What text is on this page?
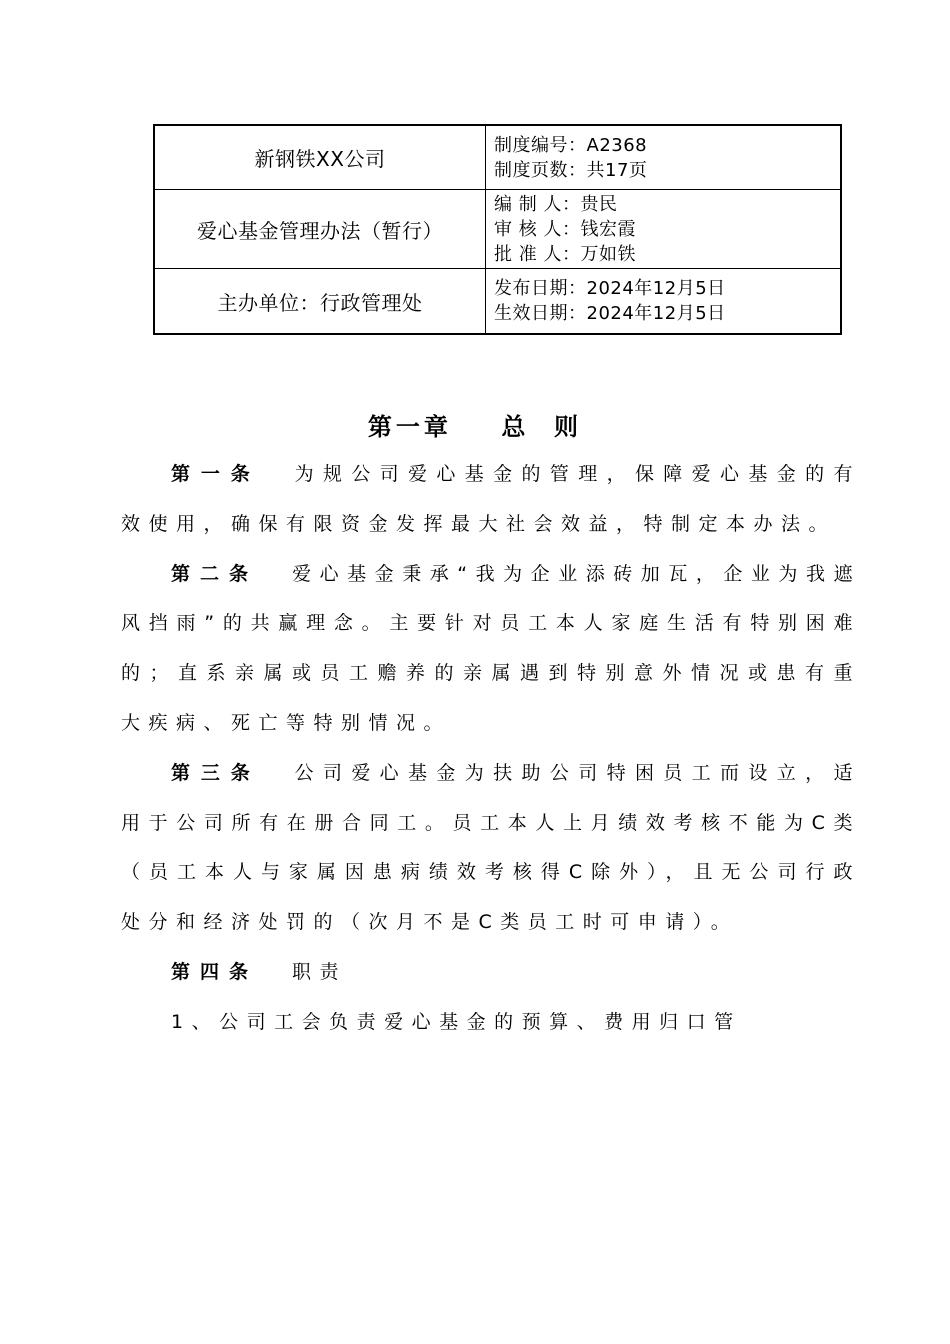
新钢铁XX公司
制度编号：A2368
制度页数：共17页
爱心基金管理办法（暂行）
编 制 人：贵民
审 核 人：钱宏霞
批 准 人：万如铁
主办单位：行政管理处
发布日期：2024年12月5日
生效日期：2024年12月5日
第一章    总  则

第一条 为规公司爱心基金的管理，保障爱心基金的有效使用，确保有限资金发挥最大社会效益，特制定本办法。

第二条 爱心基金秉承“我为企业添砖加瓦，企业为我遮风挡雨”的共赢理念。主要针对员工本人家庭生活有特别困难的；直系亲属或员工赡养的亲属遇到特别意外情况或患有重大疾病、死亡等特别情况。

第三条 公司爱心基金为扶助公司特困员工而设立，适用于公司所有在册合同工。员工本人上月绩效考核不能为C类（员工本人与家属因患病绩效考核得C除外），且无公司行政处分和经济处罚的（次月不是C类员工时可申请）。

第四条 职责

1、公司工会负责爱心基金的预算、费用归口管
